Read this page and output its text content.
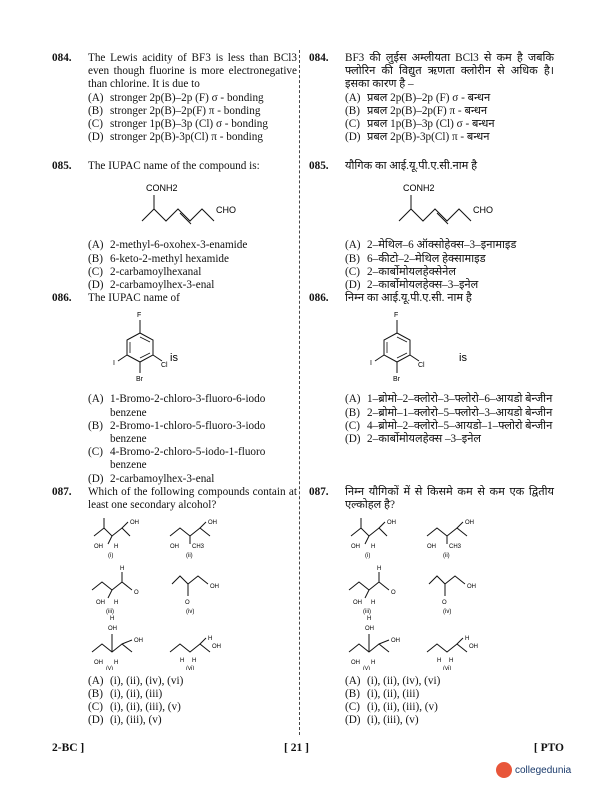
084.	The Lewis acidity of BF3 is less than BCl3 even though fluorine is more electronegative than chlorine. It is due to
(A) stronger 2p(B)–2p (F) σ - bonding
(B) stronger 2p(B)–2p(F) π - bonding
(C) stronger 1p(B)–3p (Cl) σ - bonding
(D) stronger 2p(B)-3p(Cl) π - bonding
085.	The IUPAC name of the compound is:
CONH2
CHO
(A) 2-methyl-6-oxohex-3-enamide
(B) 6-keto-2-methyl hexamide
(C) 2-carbamoylhexanal
(D) 2-carbamoylhex-3-enal
086.	The IUPAC name of
F
I	Cl
Br
is
(A) 1-Bromo-2-chloro-3-fluoro-6-iodo benzene
(B) 2-Bromo-1-chloro-5-fluoro-3-iodo benzene
(C) 4-Bromo-2-chloro-5-iodo-1-fluoro benzene
(D) 2-carbamoylhex-3-enal
087.	Which of the following compounds contain at least one secondary alcohol?
OH H
OH
(i)
OH CH3
OH
(ii)
H
O
OH H
(iii)
O
OH
(iv)
OH
H
OH
OH H
(v)
H H
H
OH
(vi)
(A) (i), (ii), (iv), (vi)
(B) (i), (ii), (iii)
(C) (i), (ii), (iii), (v)
(D) (i), (iii), (v)
084.	BF3 की लुईस अम्लीयता BCl3 से कम है जबकि फ्लोरिन की विद्युत ऋणता क्लोरीन से अधिक है। इसका कारण है –
(A) प्रबल 2p(B)–2p (F) σ - बन्धन
(B) प्रबल 2p(B)–2p(F) π - बन्धन
(C) प्रबल 1p(B)–3p (Cl) σ - बन्धन
(D) प्रबल 2p(B)-3p(Cl) π - बन्धन
085.	यौगिक का आई.यू.पी.ए.सी.नाम है
CONH2
CHO
(A) 2–मेथिल–6 ऑक्सोहेक्स–3–इनामाइड
(B) 6–कीटो–2–मेथिल हेक्सामाइड
(C) 2–कार्बोमोयलहेक्सेनेल
(D) 2–कार्बोमोयलहेक्स–3–इनेल
086.	निम्न का आई.यू.पी.ए.सी. नाम है
F
I	Cl
Br
is
(A) 1–ब्रोमो–2–क्लोरो–3–फ्लोरो–6–आयडो बेन्जीन
(B) 2–ब्रोमो–1–क्लोरो–5–फ्लोरो–3–आयडो बेन्जीन
(C) 4–ब्रोमो–2–क्लोरो–5–आयडो–1–फ्लोरो बेन्जीन
(D) 2–कार्बोमोयलहेक्स –3–इनेल
087.	निम्न यौगिकों में से किसमे कम से कम एक द्वितीय एल्कोहल है?
OH H
OH
(i)
OH CH3
OH
(ii)
H
O
OH H
(iii)
O
OH
(iv)
OH
H
OH
OH H
(v)
H H
H
OH
(vi)
(A) (i), (ii), (iv), (vi)
(B) (i), (ii), (iii)
(C) (i), (ii), (iii), (v)
(D) (i), (iii), (v)
2-BC ]	[ 21 ]	[ PTO
collegedunia
